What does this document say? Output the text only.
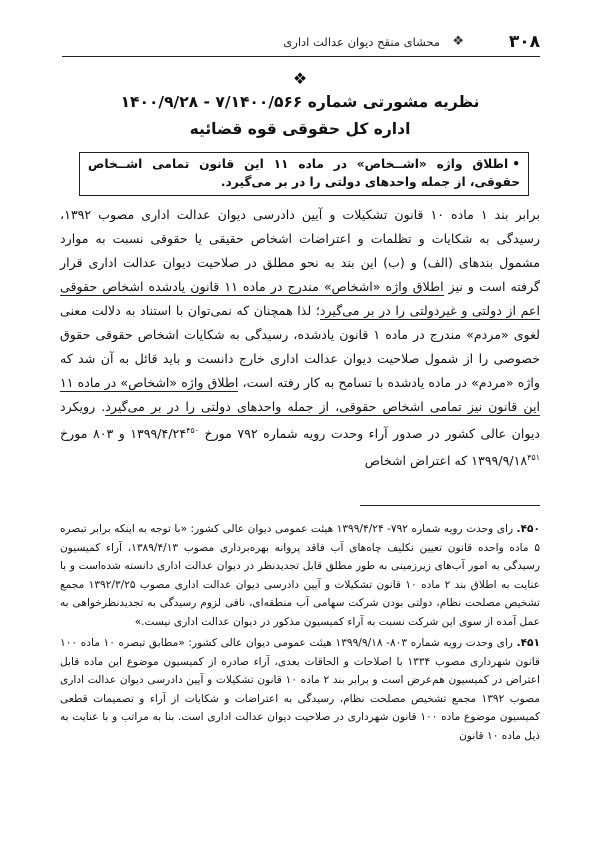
۳۰۸
❖
محشای منقح دیوان عدالت اداری
❖
نظریه مشورتی شماره ۷/۱۴۰۰/۵۶۶ - ۱۴۰۰/۹/۲۸
اداره کل حقوقی قوه قضائیه
•اطلاق واژه «اشــخاص» در ماده ۱۱ این قانون تمامی اشــخاص حقوقی، از جمله واحدهای دولتی را در بر می‌گیرد.

برابر بند ۱ ماده ۱۰ قانون تشکیلات و آیین دادرسی دیوان عدالت اداری مصوب ۱۳۹۲، رسیدگی به شکایات و تظلمات و اعتراضات اشخاص حقیقی یا حقوقی نسبت به موارد مشمول بندهای (الف) و (ب) این بند به نحو مطلق در صلاحیت دیوان عدالت اداری قرار گرفته است و نیز اطلاق واژه «اشخاص» مندرج در ماده ۱۱ قانون یادشده اشخاص حقوقی اعم از دولتی و غیردولتی را در بر می‌گیرد؛ لذا همچنان که نمی‌توان با استناد به دلالت معنی لغوی «مردم» مندرج در ماده ۱ قانون یادشده، رسیدگی به شکایات اشخاص حقوقی حقوق خصوصی را از شمول صلاحیت دیوان عدالت اداری خارج دانست و باید قائل به آن شد که واژه «مردم» در ماده یادشده با تسامح به کار رفته است، اطلاق واژه «اشخاص» در ماده ۱۱ این قانون نیز تمامی اشخاص حقوقی، از جمله واحدهای دولتی را در بر می‌گیرد. رویکرد دیوان عالی کشور در صدور آراء وحدت رویه شماره ۷۹۲ مورخ $۱۳۹۹/۴/۲۴^{۴۵۰}$ و ۸۰۳ مورخ $۱۳۹۹/۹/۱۸^{۴۵۱}$ که اعتراض اشخاص

۴۵۰. رای وحدت رویه شماره ۷۹۲- ۱۳۹۹/۴/۲۴ هیئت عمومی دیوان عالی کشور: «با توجه به اینکه برابر تبصره ۵ ماده واحده قانون تعیین تکلیف چاه‌های آب فاقد پروانه بهره‌برداری مصوب ۱۳۸۹/۴/۱۳، آراء کمیسیون رسیدگی به امور آب‌های زیرزمینی به طور مطلق قابل تجدیدنظر در دیوان عدالت اداری دانسته شده‌است و با عنایت به اطلاق بند ۲ ماده ۱۰ قانون تشکیلات و آیین دادرسی دیوان عدالت اداری مصوب ۱۳۹۲/۳/۲۵ مجمع تشخیص مصلحت نظام، دولتی بودن شرکت سهامی آب منطقه‌ای، نافی لزوم رسیدگی به تجدیدنظرخواهی به عمل آمده از سوی این شرکت نسبت به آراء کمیسیون مذکور در دیوان عدالت اداری نیست.»

۴۵۱. رای وحدت رویه شماره ۸۰۳- ۱۳۹۹/۹/۱۸ هیئت عمومی دیوان عالی کشور: «مطابق تبصره ۱۰ ماده ۱۰۰ قانون شهرداری مصوب ۱۳۳۴ با اصلاحات و الحاقات بعدی، آراء صادره از کمیسیون موضوع این ماده قابل اعتراض در کمیسیون هم‌عرض است و برابر بند ۲ ماده ۱۰ قانون تشکیلات و آیین دادرسی دیوان عدالت اداری مصوب ۱۳۹۲ مجمع تشخیص مصلحت نظام، رسیدگی به اعتراضات و شکایات از آراء و تصمیمات قطعی کمیسیون موضوع ماده ۱۰۰ قانون شهرداری در صلاحیت دیوان عدالت اداری است. بنا به مراتب و با عنایت به ذیل ماده ۱۰ قانون
